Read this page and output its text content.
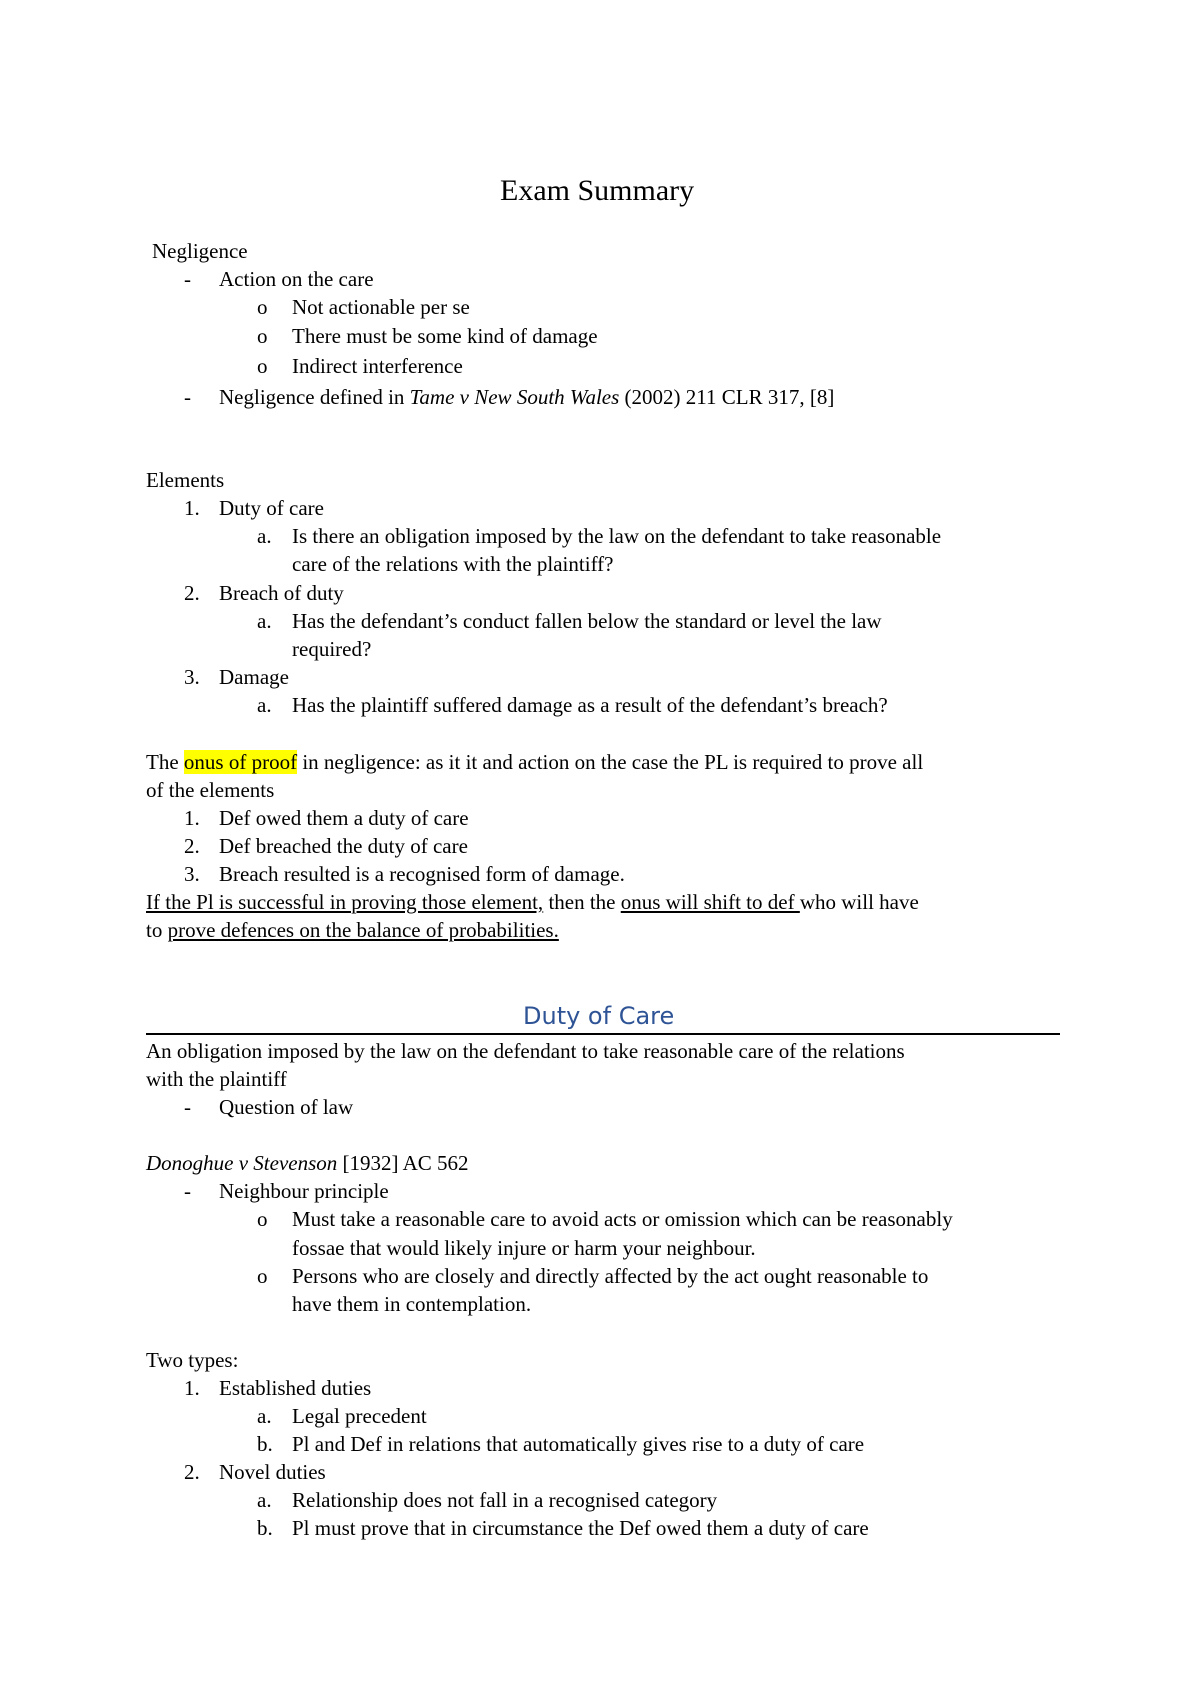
Exam Summary
Negligence
- Action on the care
o Not actionable per se
o There must be some kind of damage
o Indirect interference
- Negligence defined in Tame v New South Wales (2002) 211 CLR 317, [8]
Elements
1. Duty of care
a. Is there an obligation imposed by the law on the defendant to take reasonable
care of the relations with the plaintiff?
2. Breach of duty
a. Has the defendant’s conduct fallen below the standard or level the law
required?
3. Damage
a. Has the plaintiff suffered damage as a result of the defendant’s breach?
The onus of proof in negligence: as it it and action on the case the PL is required to prove all
of the elements
1. Def owed them a duty of care
2. Def breached the duty of care
3. Breach resulted is a recognised form of damage.
If the Pl is successful in proving those element, then the onus will shift to def who will have
to prove defences on the balance of probabilities.
Duty of Care
An obligation imposed by the law on the defendant to take reasonable care of the relations
with the plaintiff
- Question of law
Donoghue v Stevenson [1932] AC 562
- Neighbour principle
o Must take a reasonable care to avoid acts or omission which can be reasonably
fossae that would likely injure or harm your neighbour.
o Persons who are closely and directly affected by the act ought reasonable to
have them in contemplation.
Two types:
1. Established duties
a. Legal precedent
b. Pl and Def in relations that automatically gives rise to a duty of care
2. Novel duties
a. Relationship does not fall in a recognised category
b. Pl must prove that in circumstance the Def owed them a duty of care
